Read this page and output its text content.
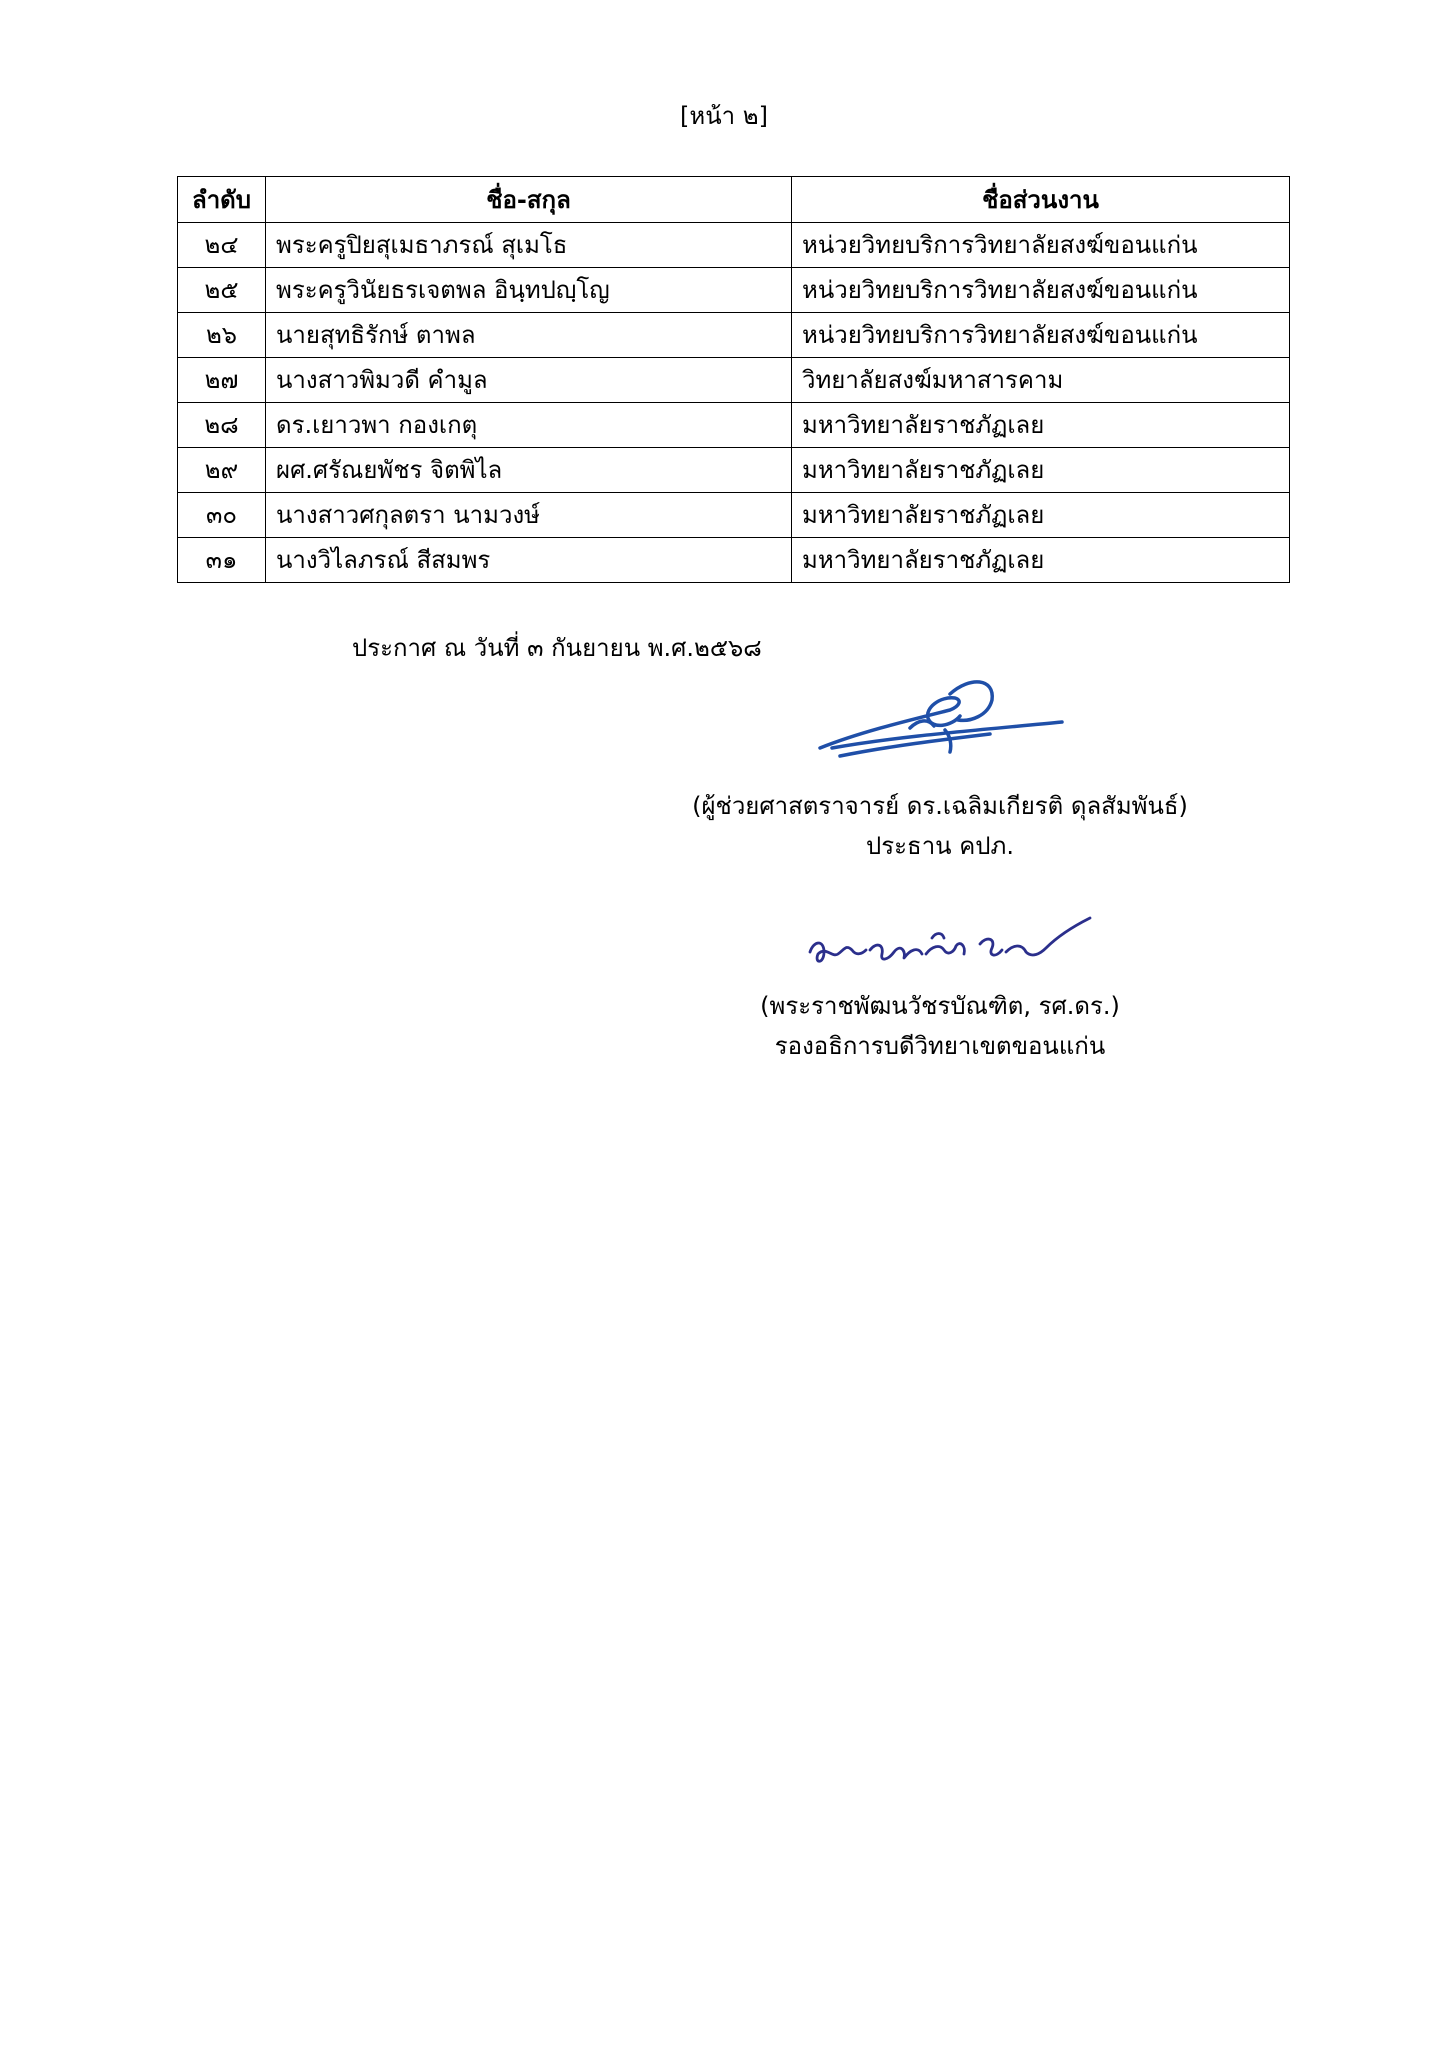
[หน้า ๒]
ลำดับ	ชื่อ-สกุล	ชื่อส่วนงาน
๒๔	พระครูปิยสุเมธาภรณ์ สุเมโธ	หน่วยวิทยบริการวิทยาลัยสงฆ์ขอนแก่น
๒๕	พระครูวินัยธรเจตพล อินฺทปญฺโญ	หน่วยวิทยบริการวิทยาลัยสงฆ์ขอนแก่น
๒๖	นายสุทธิรักษ์ ตาพล	หน่วยวิทยบริการวิทยาลัยสงฆ์ขอนแก่น
๒๗	นางสาวพิมวดี คำมูล	วิทยาลัยสงฆ์มหาสารคาม
๒๘	ดร.เยาวพา กองเกตุ	มหาวิทยาลัยราชภัฏเลย
๒๙	ผศ.ศรัณยพัชร จิตพิไล	มหาวิทยาลัยราชภัฏเลย
๓๐	นางสาวศกุลตรา นามวงษ์	มหาวิทยาลัยราชภัฏเลย
๓๑	นางวิไลภรณ์ สีสมพร	มหาวิทยาลัยราชภัฏเลย
ประกาศ ณ วันที่ ๓ กันยายน พ.ศ.๒๕๖๘
(ผู้ช่วยศาสตราจารย์ ดร.เฉลิมเกียรติ ดุลสัมพันธ์)
ประธาน คปภ.
(พระราชพัฒนวัชรบัณฑิต, รศ.ดร.)
รองอธิการบดีวิทยาเขตขอนแก่น
